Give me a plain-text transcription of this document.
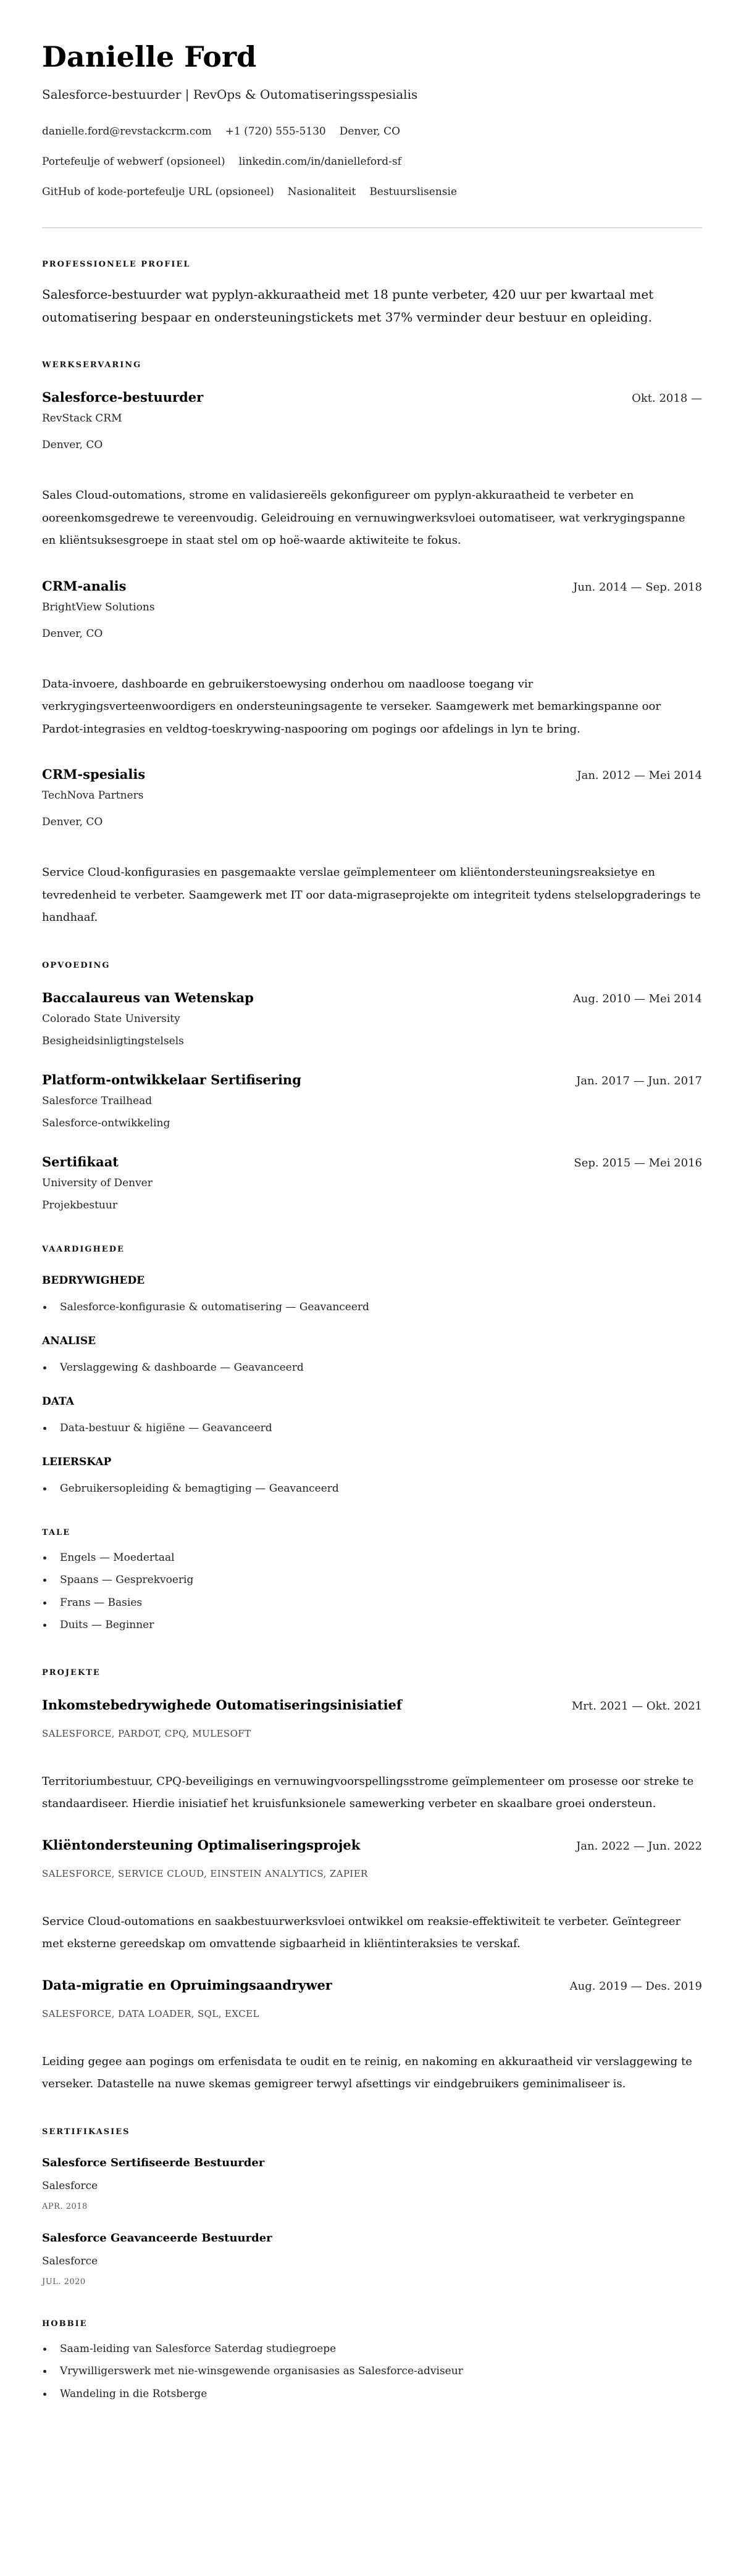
Danielle Ford
Salesforce-bestuurder | RevOps & Outomatiseringsspesialis
danielle.ford@revstackcrm.com +1 (720) 555-5130 Denver, CO
Portefeulje of webwerf (opsioneel) linkedin.com/in/danielleford-sf
GitHub of kode-portefeulje URL (opsioneel) Nasionaliteit Bestuurslisensie
PROFESSIONELE PROFIEL

Salesforce-bestuurder wat pyplyn-akkuraatheid met 18 punte verbeter, 420 uur per kwartaal met outomatisering bespaar en ondersteuningstickets met 37% verminder deur bestuur en opleiding.

WERKSERVARING
Salesforce-bestuurder	Okt. 2018 —
RevStack CRM
Denver, CO

Sales Cloud-outomations, strome en validasiereëls gekonfigureer om pyplyn-akkuraatheid te verbeter en ooreenkomsgedrewe te vereenvoudig. Geleidrouing en vernuwingwerksvloei outomatiseer, wat verkrygingspanne en kliëntsuksesgroepe in staat stel om op hoë-waarde aktiwiteite te fokus.

CRM-analis	Jun. 2014 — Sep. 2018
BrightView Solutions
Denver, CO

Data-invoere, dashboarde en gebruikerstoewysing onderhou om naadloose toegang vir verkrygingsverteenwoordigers en ondersteuningsagente te verseker. Saamgewerk met bemarkingspanne oor Pardot-integrasies en veldtog-toeskrywing-naspooring om pogings oor afdelings in lyn te bring.

CRM-spesialis	Jan. 2012 — Mei 2014
TechNova Partners
Denver, CO

Service Cloud-konfigurasies en pasgemaakte verslae geïmplementeer om kliëntondersteuningsreaksietye en tevredenheid te verbeter. Saamgewerk met IT oor data-migraseprojekte om integriteit tydens stelselopgraderings te handhaaf.

OPVOEDING
Baccalaureus van Wetenskap	Aug. 2010 — Mei 2014
Colorado State University
Besigheidsinligtingstelsels
Platform-ontwikkelaar Sertifisering	Jan. 2017 — Jun. 2017
Salesforce Trailhead
Salesforce-ontwikkeling
Sertifikaat	Sep. 2015 — Mei 2016
University of Denver
Projekbestuur
VAARDIGHEDE
BEDRYWIGHEDE
Salesforce-konfigurasie & outomatisering — Geavanceerd
ANALISE
Verslaggewing & dashboarde — Geavanceerd
DATA
Data-bestuur & higiëne — Geavanceerd
LEIERSKAP
Gebruikersopleiding & bemagtiging — Geavanceerd
TALE
Engels — Moedertaal
Spaans — Gesprekvoerig
Frans — Basies
Duits — Beginner
PROJEKTE
Inkomstebedrywighede Outomatiseringsinisiatief	Mrt. 2021 — Okt. 2021
SALESFORCE, PARDOT, CPQ, MULESOFT

Territoriumbestuur, CPQ-beveiligings en vernuwingvoorspellingsstrome geïmplementeer om prosesse oor streke te standaardiseer. Hierdie inisiatief het kruisfunksionele samewerking verbeter en skaalbare groei ondersteun.

Kliëntondersteuning Optimaliseringsprojek	Jan. 2022 — Jun. 2022
SALESFORCE, SERVICE CLOUD, EINSTEIN ANALYTICS, ZAPIER

Service Cloud-outomations en saakbestuurwerksvloei ontwikkel om reaksie-effektiwiteit te verbeter. Geïntegreer met eksterne gereedskap om omvattende sigbaarheid in kliëntinteraksies te verskaf.

Data-migratie en Opruimingsaandrywer	Aug. 2019 — Des. 2019
SALESFORCE, DATA LOADER, SQL, EXCEL

Leiding gegee aan pogings om erfenisdata te oudit en te reinig, en nakoming en akkuraatheid vir verslaggewing te verseker. Datastelle na nuwe skemas gemigreer terwyl afsettings vir eindgebruikers geminimaliseer is.

SERTIFIKASIES
Salesforce Sertifiseerde Bestuurder
Salesforce
APR. 2018
Salesforce Geavanceerde Bestuurder
Salesforce
JUL. 2020
HOBBIE
Saam-leiding van Salesforce Saterdag studiegroepe
Vrywilligerswerk met nie-winsgewende organisasies as Salesforce-adviseur
Wandeling in die Rotsberge
